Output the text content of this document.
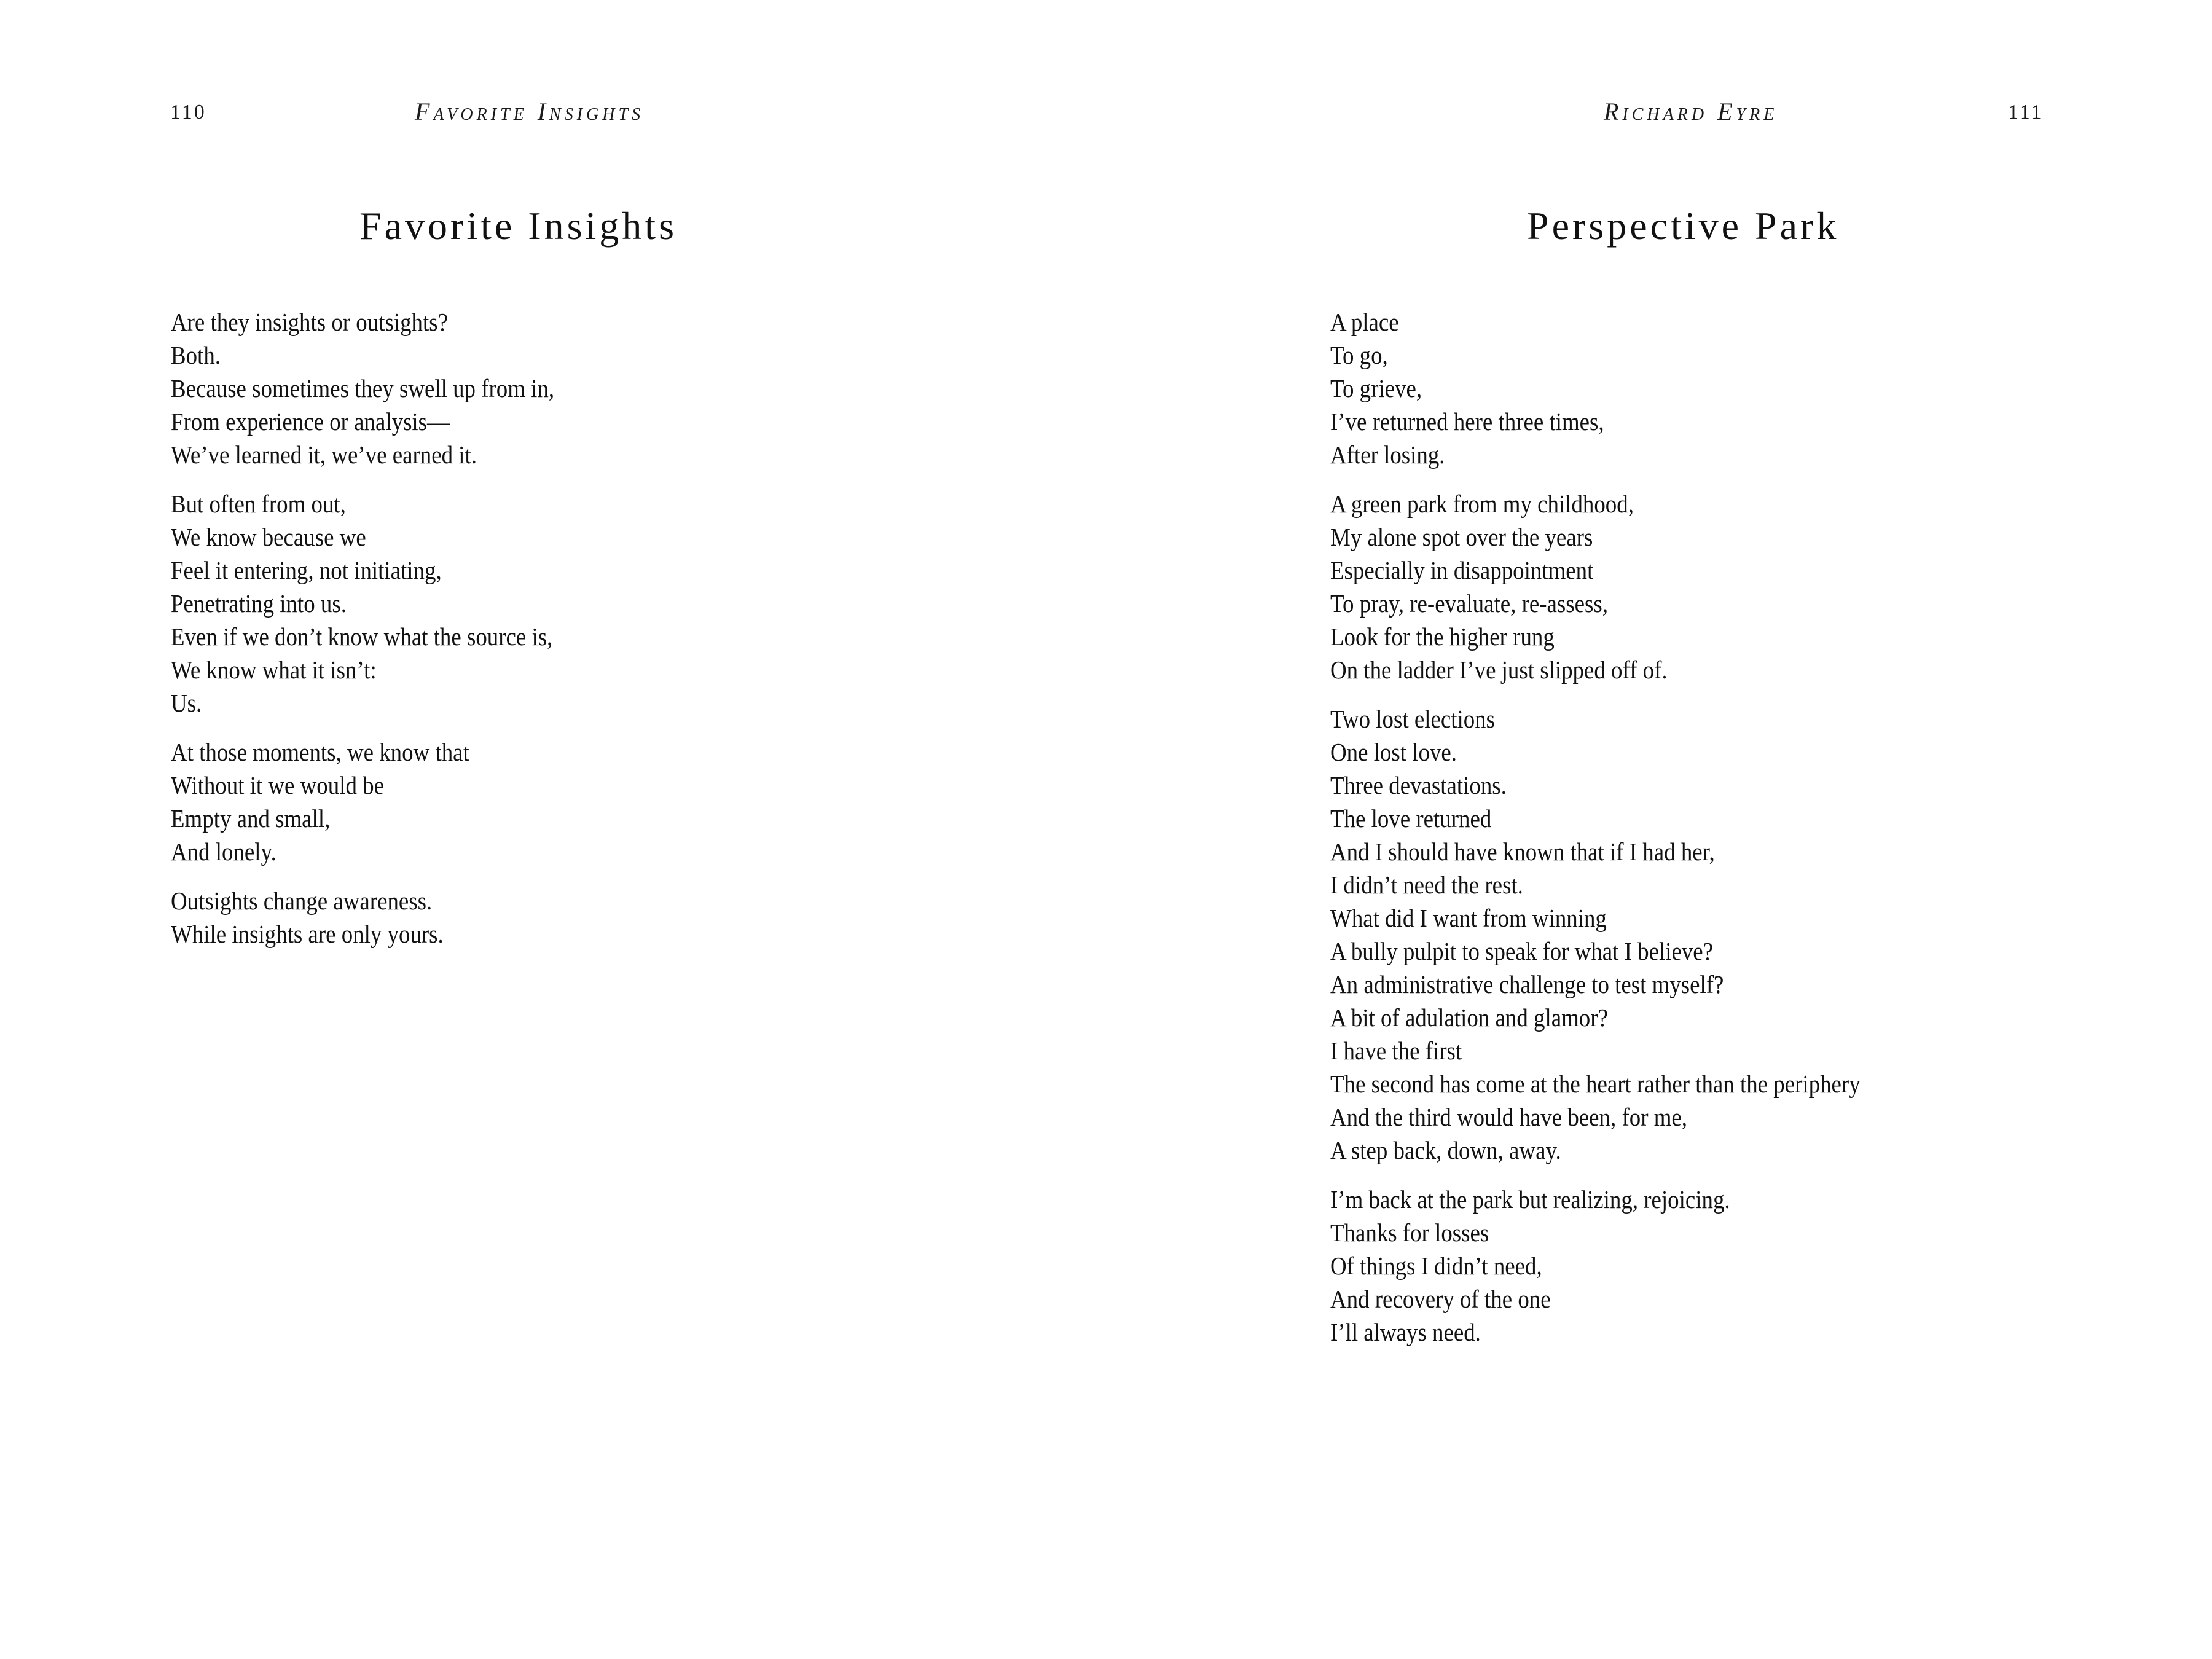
110	Favorite Insights
Favorite Insights
Are they insights or outsights?
Both.
Because sometimes they swell up from in,
From experience or analysis—
We’ve learned it, we’ve earned it.
But often from out,
We know because we
Feel it entering, not initiating,
Penetrating into us.
Even if we don’t know what the source is,
We know what it isn’t:
Us.
At those moments, we know that
Without it we would be
Empty and small,
And lonely.
Outsights change awareness.
While insights are only yours.
Richard Eyre	111
Perspective Park
A place
To go,
To grieve,
I’ve returned here three times,
After losing.
A green park from my childhood,
My alone spot over the years
Especially in disappointment
To pray, re-evaluate, re-assess,
Look for the higher rung
On the ladder I’ve just slipped off of.
Two lost elections
One lost love.
Three devastations.
The love returned
And I should have known that if I had her,
I didn’t need the rest.
What did I want from winning
A bully pulpit to speak for what I believe?
An administrative challenge to test myself?
A bit of adulation and glamor?
I have the first
The second has come at the heart rather than the periphery
And the third would have been, for me,
A step back, down, away.
I’m back at the park but realizing, rejoicing.
Thanks for losses
Of things I didn’t need,
And recovery of the one
I’ll always need.
